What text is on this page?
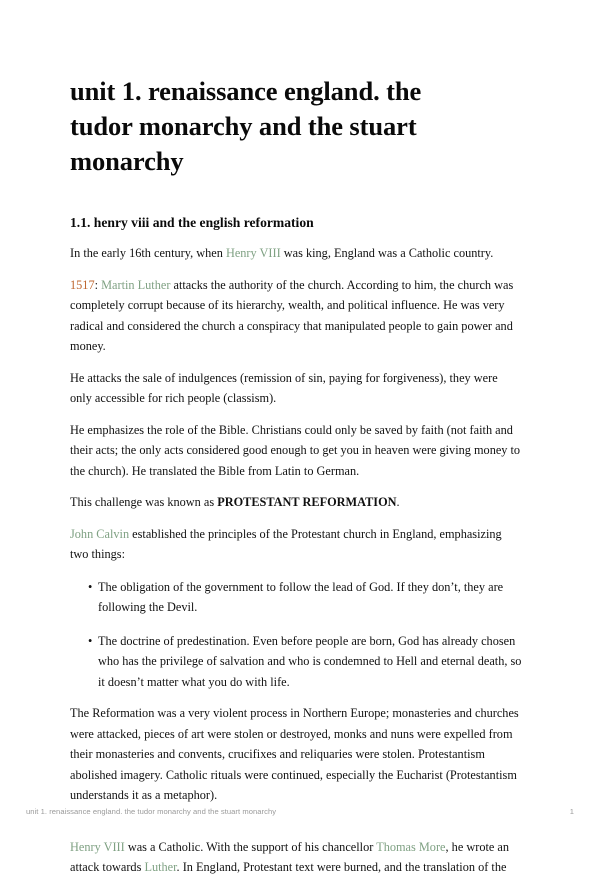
unit 1. renaissance england. the tudor monarchy and the stuart monarchy
1.1. henry viii and the english reformation

In the early 16th century, when Henry VIII was king, England was a Catholic country.

1517: Martin Luther attacks the authority of the church. According to him, the church was completely corrupt because of its hierarchy, wealth, and political influence. He was very radical and considered the church a conspiracy that manipulated people to gain power and money.

He attacks the sale of indulgences (remission of sin, paying for forgiveness), they were only accessible for rich people (classism).

He emphasizes the role of the Bible. Christians could only be saved by faith (not faith and their acts; the only acts considered good enough to get you in heaven were giving money to the church). He translated the Bible from Latin to German.

This challenge was known as PROTESTANT REFORMATION.

John Calvin established the principles of the Protestant church in England, emphasizing two things:

• The obligation of the government to follow the lead of God. If they don’t, they are following the Devil.
• The doctrine of predestination. Even before people are born, God has already chosen who has the privilege of salvation and who is condemned to Hell and eternal death, so it doesn’t matter what you do with life.

The Reformation was a very violent process in Northern Europe; monasteries and churches were attacked, pieces of art were stolen or destroyed, monks and nuns were expelled from their monasteries and convents, crucifixes and reliquaries were stolen. Protestantism abolished imagery. Catholic rituals were continued, especially the Eucharist (Protestantism understands it as a metaphor).

Henry VIII was a Catholic. With the support of his chancellor Thomas More, he wrote an attack towards Luther. In England, Protestant text were burned, and the translation of the

unit 1. renaissance england. the tudor monarchy and the stuart monarchy	1
